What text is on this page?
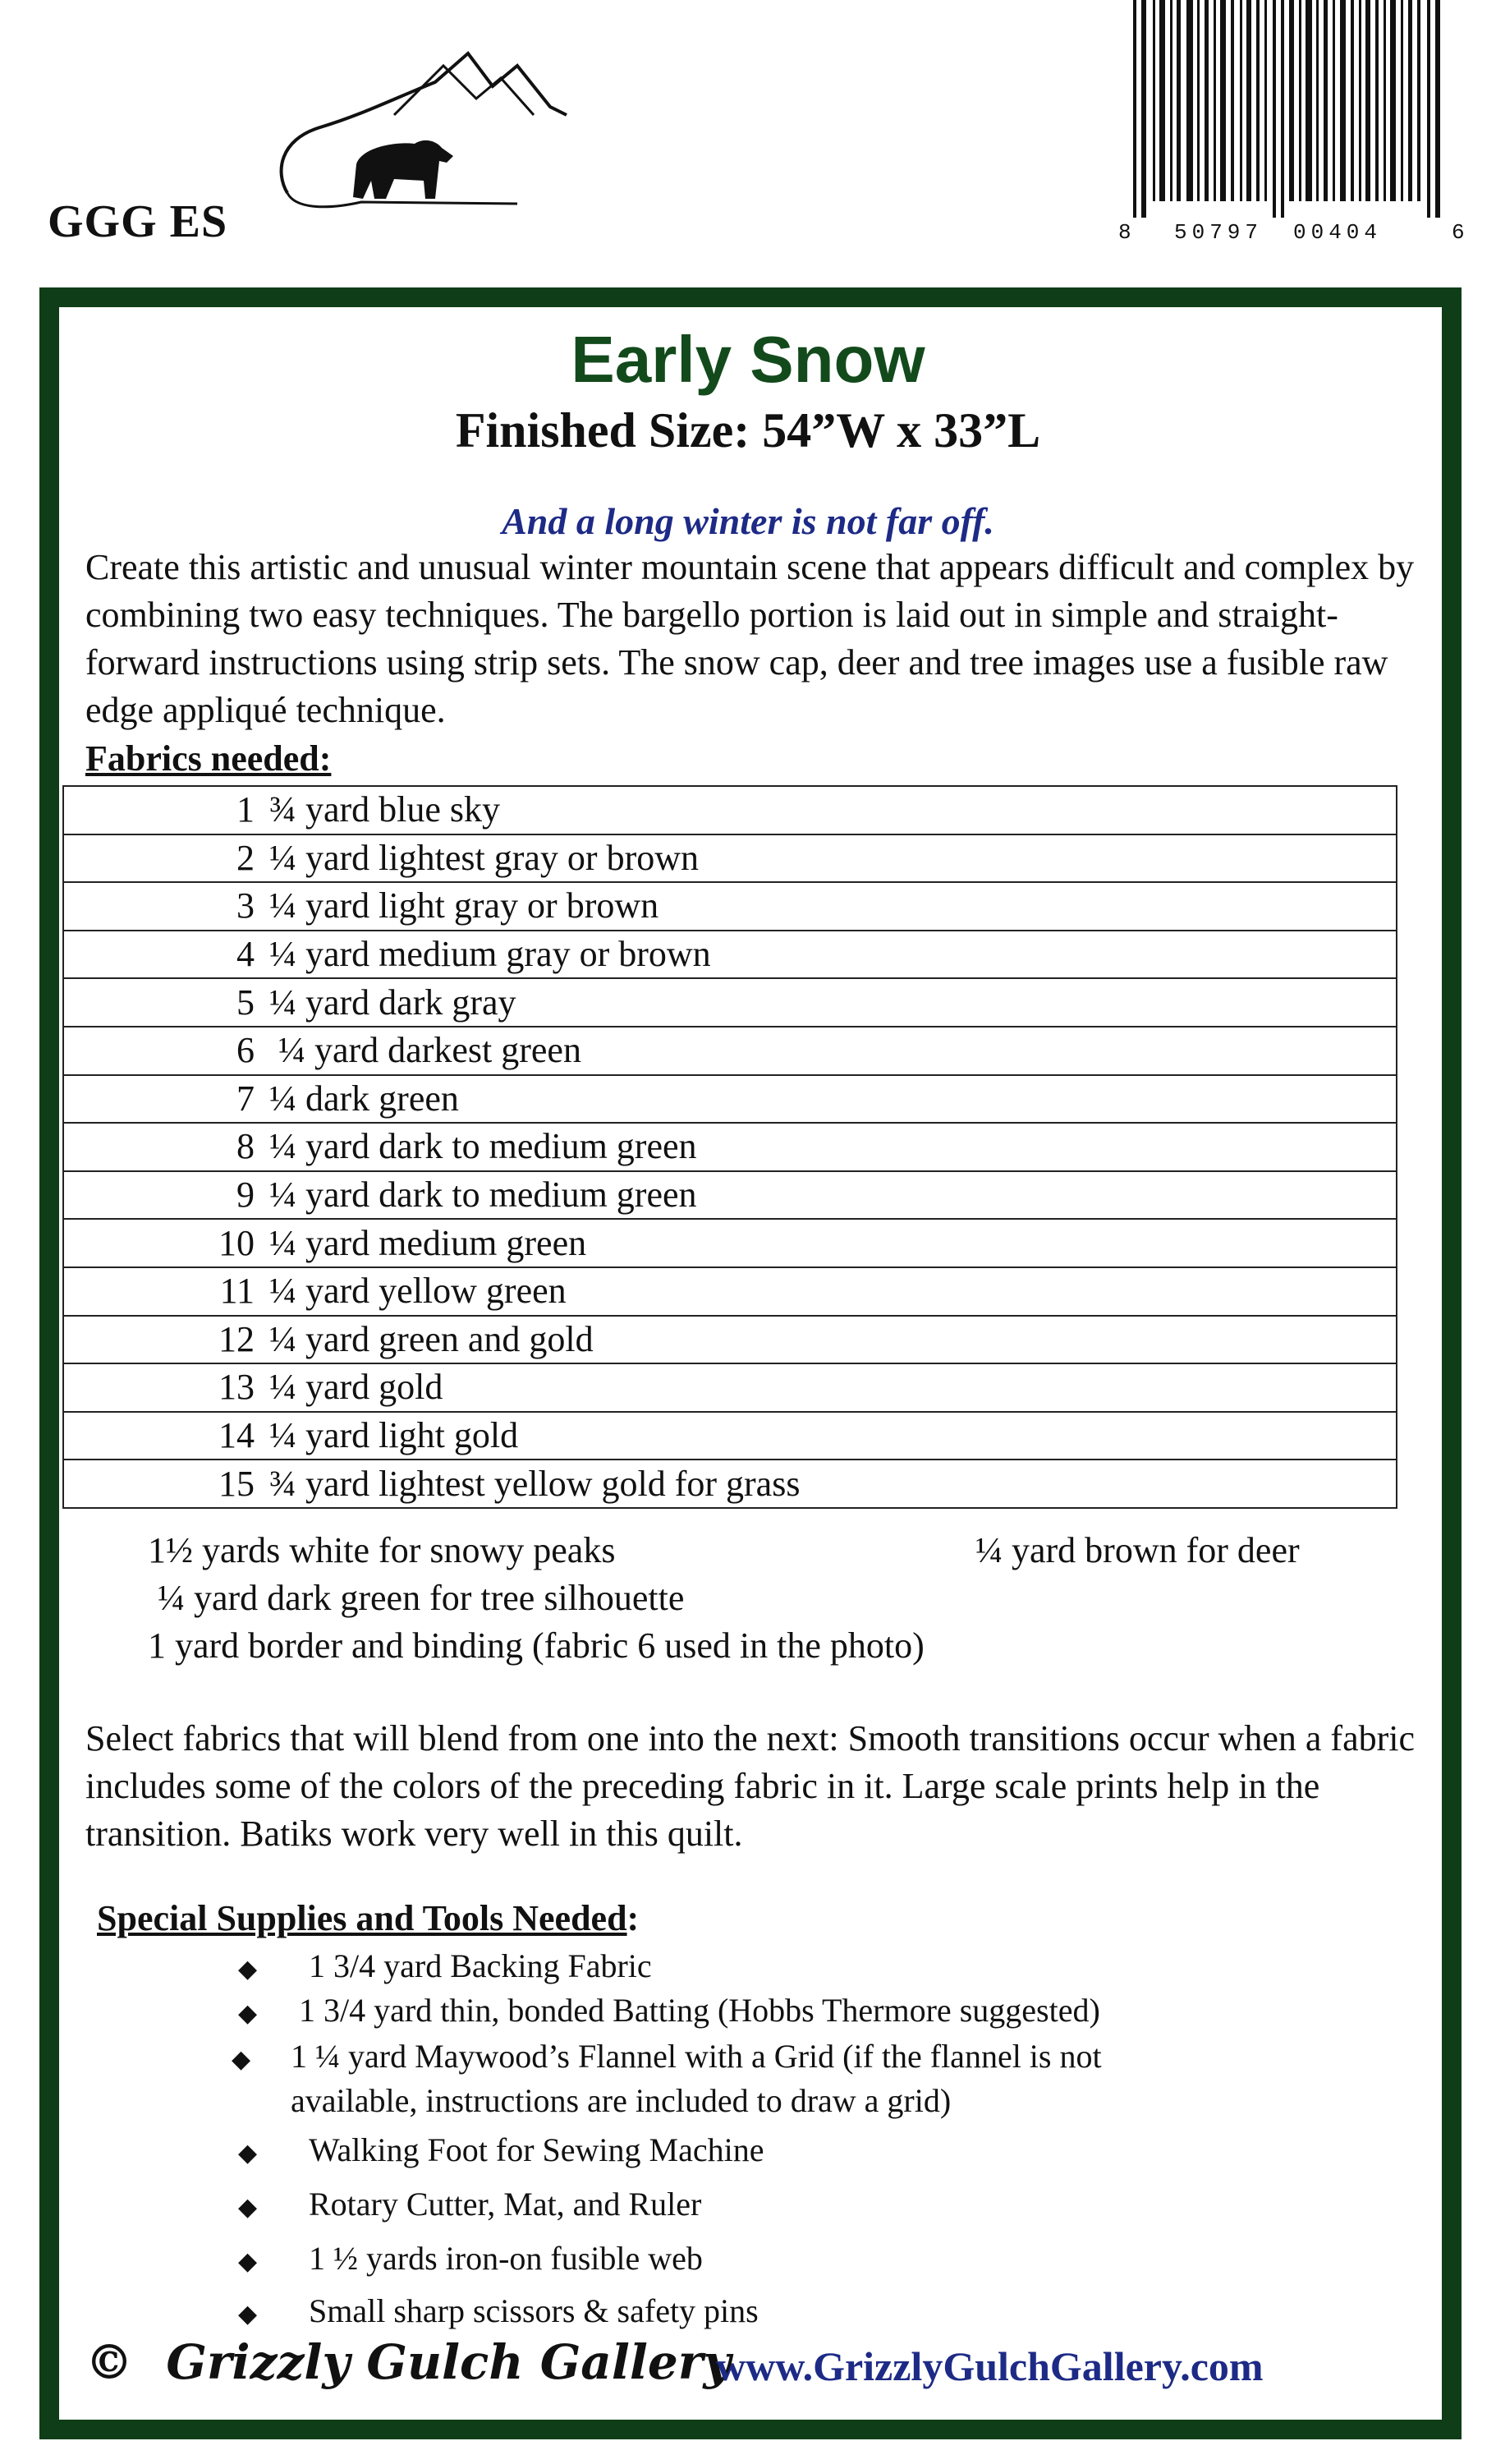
GGG ES	8 50797 00404	6
Early Snow
Finished Size: 54”W x 33”L
And a long winter is not far off.
Create this artistic and unusual winter mountain scene that appears difficult and complex by combining two easy techniques. The bargello portion is laid out in simple and straight-forward instructions using strip sets. The snow cap, deer and tree images use a fusible raw edge appliqué technique.
Fabrics needed:
1 ¾ yard blue sky
2 ¼ yard lightest gray or brown
3 ¼ yard light gray or brown
4 ¼ yard medium gray or brown
5 ¼ yard dark gray
6 ¼ yard darkest green
7 ¼ dark green
8 ¼ yard dark to medium green
9 ¼ yard dark to medium green
10 ¼ yard medium green
11 ¼ yard yellow green
12 ¼ yard green and gold
13 ¼ yard gold
14 ¼ yard light gold
15 ¾ yard lightest yellow gold for grass
1½ yards white for snowy peaks	¼ yard brown for deer
¼ yard dark green for tree silhouette
1 yard border and binding (fabric 6 used in the photo)
Select fabrics that will blend from one into the next: Smooth transitions occur when a fabric includes some of the colors of the preceding fabric in it. Large scale prints help in the transition. Batiks work very well in this quilt.
Special Supplies and Tools Needed:
◆ 1 3/4 yard Backing Fabric
◆ 1 3/4 yard thin, bonded Batting (Hobbs Thermore suggested)
◆ 1 ¼ yard Maywood’s Flannel with a Grid (if the flannel is not
available, instructions are included to draw a grid)
◆ Walking Foot for Sewing Machine
◆ Rotary Cutter, Mat, and Ruler
◆ 1 ½ yards iron-on fusible web
◆ Small sharp scissors & safety pins
© Grizzly Gulch Gallery
www.GrizzlyGulchGallery.com
